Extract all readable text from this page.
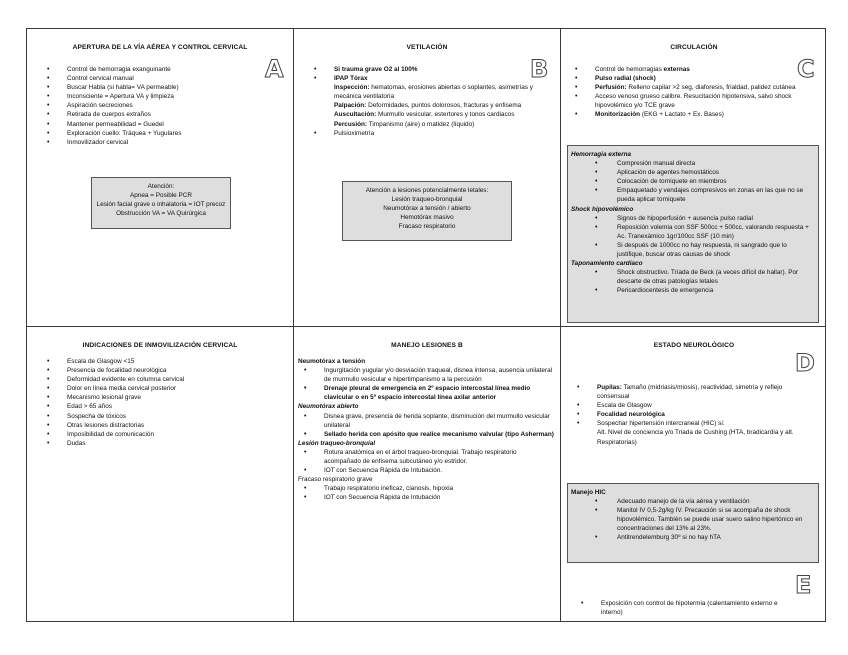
APERTURA DE LA VÍA AÉREA Y CONTROL CERVICAL
A
• Control de hemorragia exanguinante
• Control cervical manual
• Buscar Habla (si habla= VA permeable)
• Inconsciente = Apertura VA y limpieza
• Aspiración secreciones
• Retirada de cuerpos extraños
• Mantener permeabilidad = Guedel
• Exploración cuello: Tráquea + Yugulares
• Inmovilizador cervical
Atención:
Apnea = Posible PCR
Lesión facial grave o inhalatoria = IOT precoz
Obstrucción VA = VA Quirúrgica
VETILACIÓN
B
• Si trauma grave O2 al 100%
• IPAP Tórax
Inspección: hematomas, erosiones abiertas o soplantes, asimetrías y mecánica ventilatoria
Palpación: Deformidades, puntos dolorosos, fracturas y enfisema
Auscultación: Murmullo vesicular, estertores y tonos cardiacos
Percusión: Timpanismo (aire) o matidez (líquido)
• Pulsioximetría
Atención a lesiones potencialmente letales:
Lesión traqueo-bronquial
Neumotórax a tensión / abierto
Hemotórax masivo
Fracaso respiratorio
CIRCULACIÓN
C
• Control de hemorragias externas
• Pulso radial (shock)
• Perfusión: Relleno capilar >2 seg, diaforesis, frialdad, palidez cutánea
• Acceso venoso grueso calibre. Resucitación hipotensiva, salvo shock hipovolémico y/o TCE grave
• Monitorización (EKG + Lactato + Ex. Bases)
Hemorragia externa
• Compresión manual directa
• Aplicación de agentes hemostáticos
• Colocación de torniquete en miembros
• Empaquetado y vendajes compresivos en zonas en las que no se pueda aplicar torniquete
Shock hipovolémico
• Signos de hipoperfusión + ausencia pulso radial
• Reposición volemia con SSF 500cc + 500cc, valorando respuesta + Ac. Tranexámico 1gr/100cc SSF (10 min)
• Si después de 1000cc no hay respuesta, ni sangrado que lo justifique, buscar otras causas de shock
Taponamiento cardíaco
• Shock obstructivo. Tríada de Beck (a veces difícil de hallar). Por descarte de otras patologías letales
• Pericardiocentesis de emergencia
INDICACIONES DE INMOVILIZACIÓN CERVICAL
• Escala de Glasgow <15
• Presencia de focalidad neurológica
• Deformidad evidente en columna cervical
• Dolor en línea media cervical posterior
• Mecanismo lesional grave
• Edad > 65 años
• Sospecha de tóxicos
• Otras lesiones distractorias
• Imposibilidad de comunicación
• Dudas
MANEJO LESIONES B
Neumotórax a tensión
• Ingurgitación yugular y/o desviación traqueal, disnea intensa, ausencia unilateral de murmullo vesicular e hipertimpanismo a la percusión
• Drenaje pleural de emergencia en 2º espacio intercostal línea medio clavicular o en 5º espacio intercostal línea axilar anterior
Neumotórax abierto
• Disnea grave, presencia de herida soplante, disminución del murmullo vesicular unilateral
• Sellado herida con apósito que realice mecanismo valvular (tipo Asherman)
Lesión traqueo-bronquial
• Rotura anatómica en el árbol traqueo-bronquial. Trabajo respiratorio acompañado de enfisema subcutáneo y/o estridor.
• IOT con Secuencia Rápida de Intubación.
Fracaso respiratorio grave
• Trabajo respiratorio ineficaz, cianosis, hipoxia
• IOT con Secuencia Rápida de Intubación
ESTADO NEUROLÓGICO
D
• Pupilas: Tamaño (midriasis/miosis), reactividad, simetría y reflejo consensual
• Escala de Glasgow
• Focalidad neurológica
• Sospechar hipertensión intercraneal (HIC) si:
Alt. Nivel de conciencia y/o Triada de Cushing (HTA, bradicardia y alt. Respiratorias)
Manejo HIC
• Adecuado manejo de la vía aérea y ventilación
• Manitol IV 0,5-2g/kg IV. Precaución si se acompaña de shock hipovolémico. También se puede usar suero salino hipertónico en concentraciones del 13% al 23%.
• Antitrendelemburg 30º si no hay hTA
E
• Exposición con control de hipotermia (calentamiento externo e interno)
